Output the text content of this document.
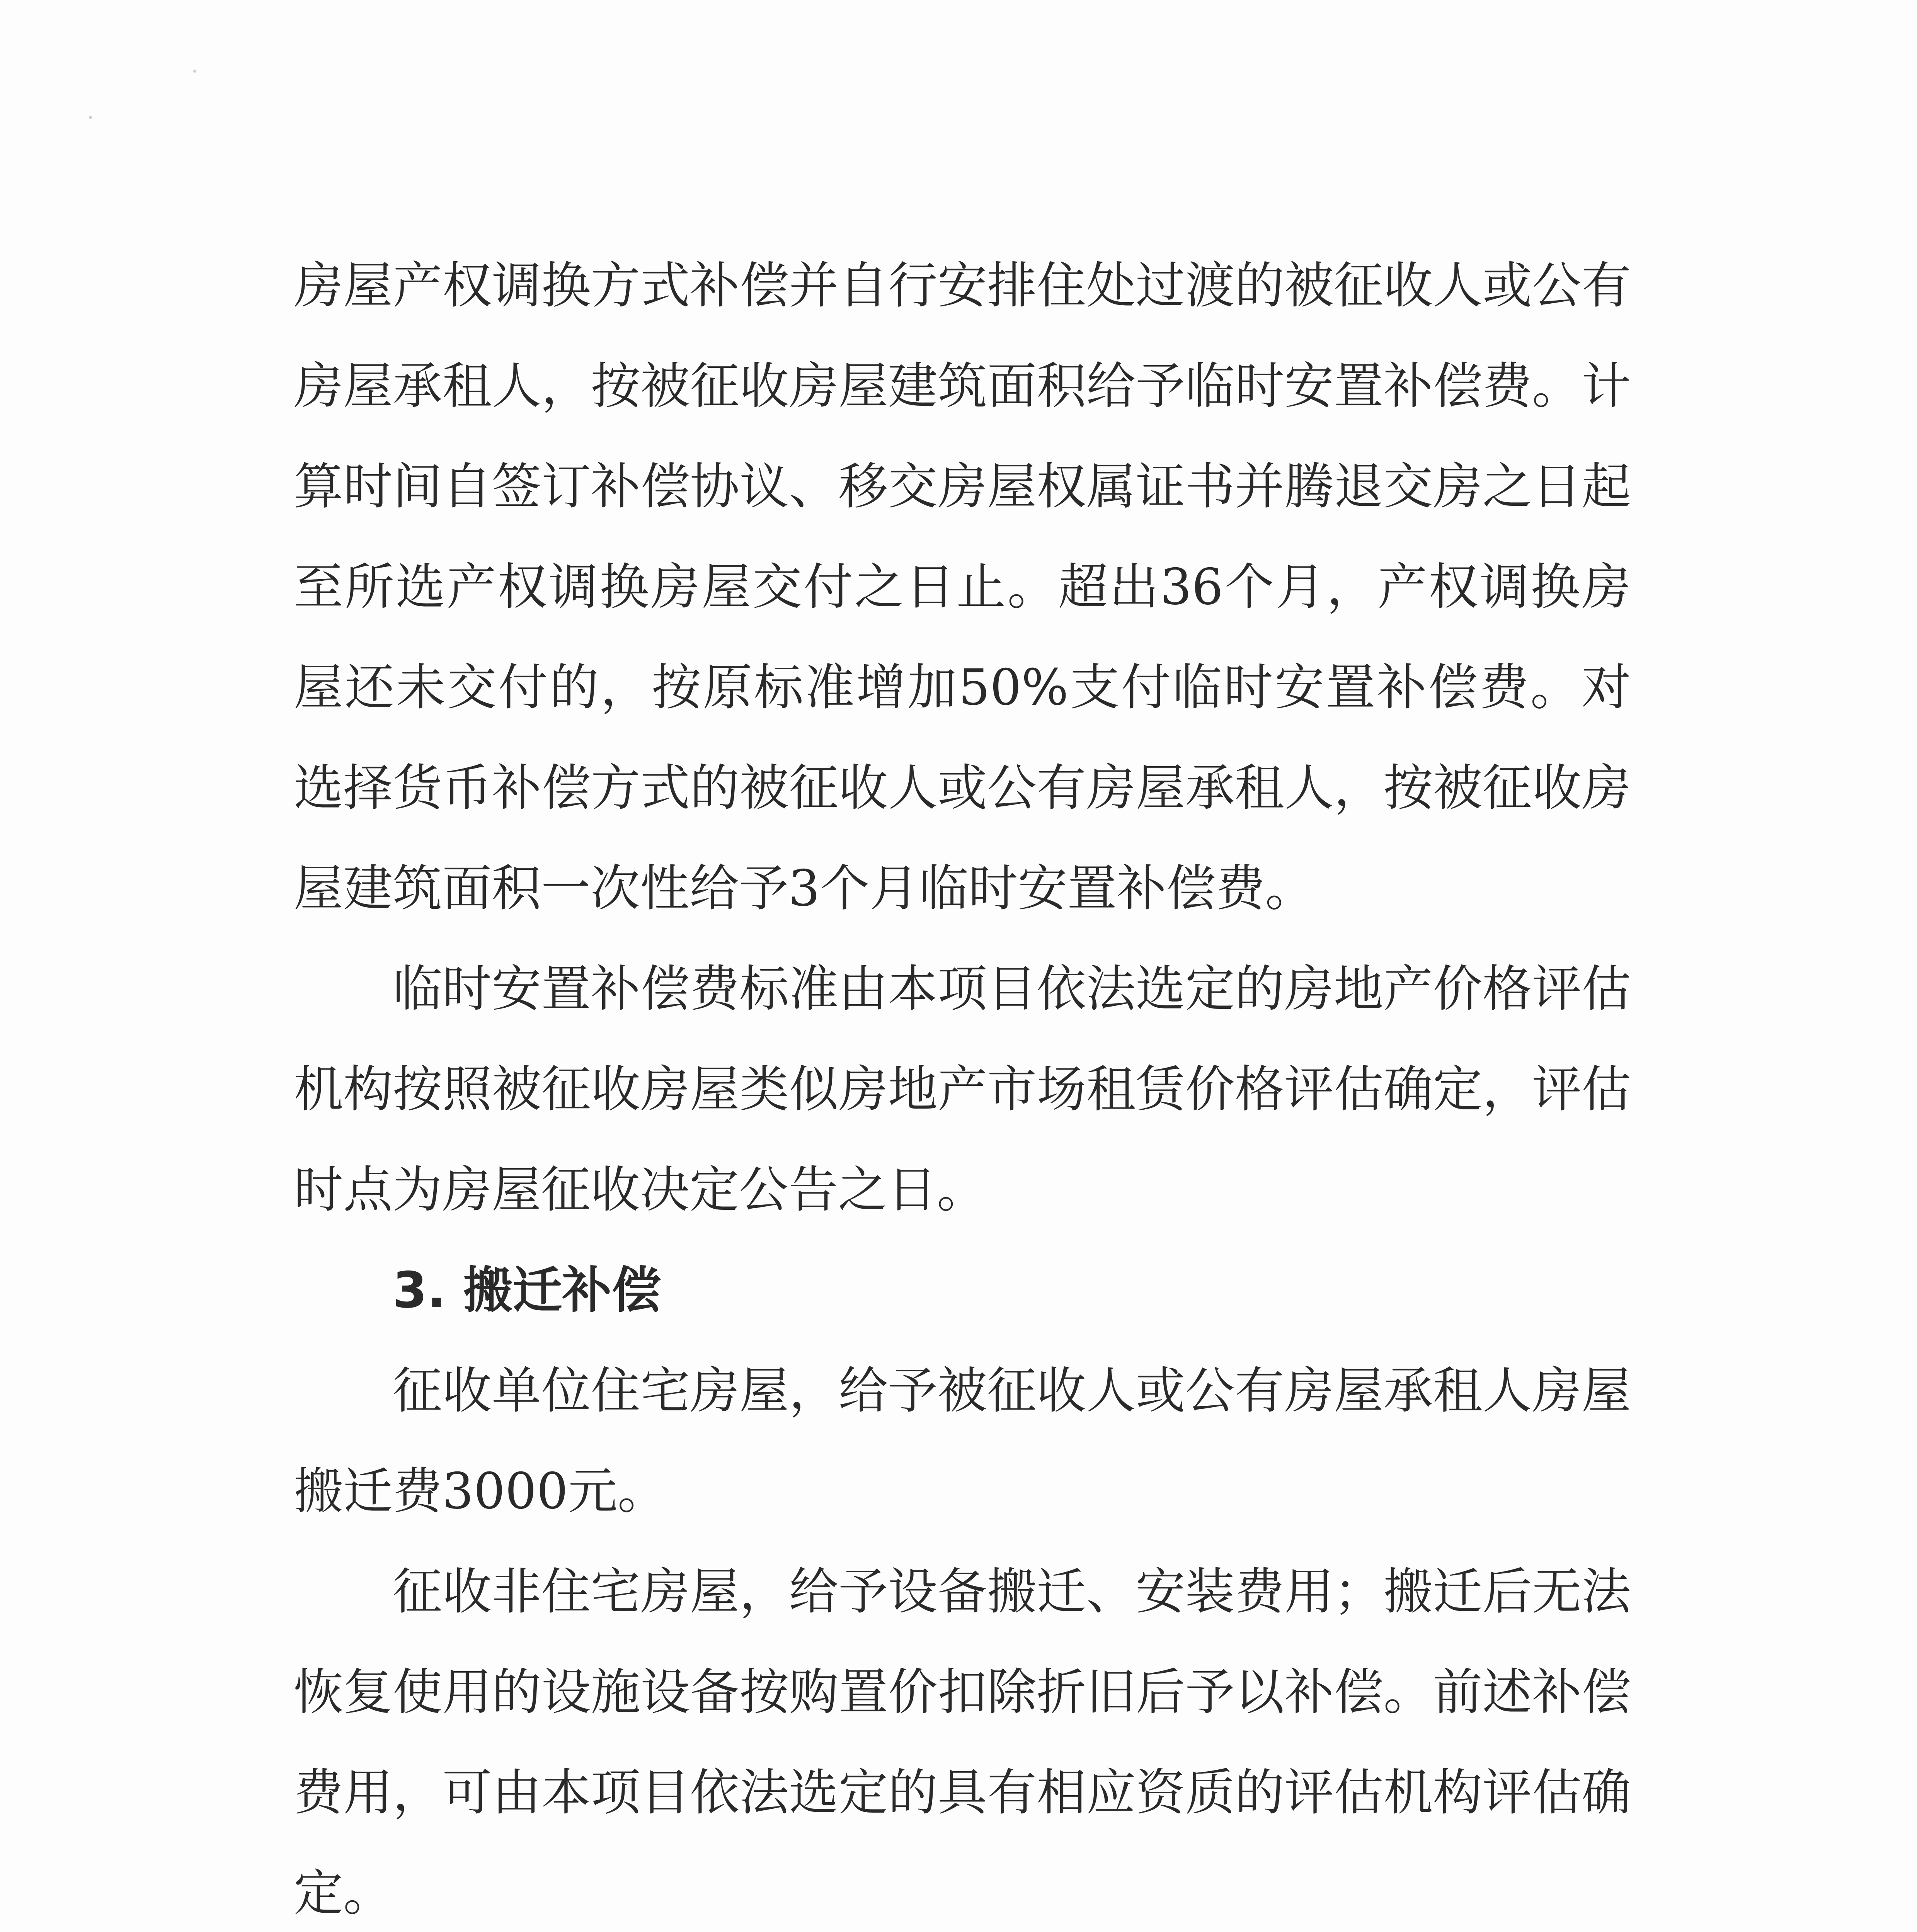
房屋产权调换方式补偿并自行安排住处过渡的被征收人或公有房屋承租人，按被征收房屋建筑面积给予临时安置补偿费。计算时间自签订补偿协议、移交房屋权属证书并腾退交房之日起至所选产权调换房屋交付之日止。超出36个月，产权调换房屋还未交付的，按原标准增加50%支付临时安置补偿费。对选择货币补偿方式的被征收人或公有房屋承租人，按被征收房屋建筑面积一次性给予3个月临时安置补偿费。

临时安置补偿费标准由本项目依法选定的房地产价格评估机构按照被征收房屋类似房地产市场租赁价格评估确定，评估时点为房屋征收决定公告之日。

3. 搬迁补偿

征收单位住宅房屋，给予被征收人或公有房屋承租人房屋搬迁费3000元。

征收非住宅房屋，给予设备搬迁、安装费用；搬迁后无法恢复使用的设施设备按购置价扣除折旧后予以补偿。前述补偿费用，可由本项目依法选定的具有相应资质的评估机构评估确定。
